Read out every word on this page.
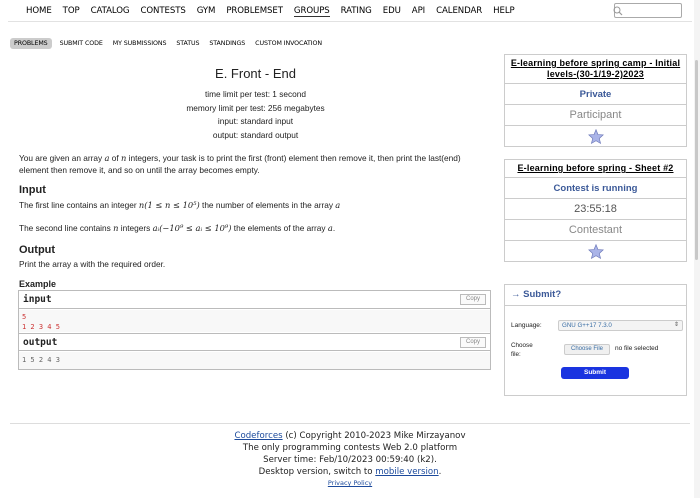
HOME TOP CATALOG CONTESTS GYM PROBLEMSET GROUPS RATING EDU API CALENDAR HELP
PROBLEMS	SUBMIT CODE MY SUBMISSIONS STATUS STANDINGS CUSTOM INVOCATION
E. Front - End
time limit per test: 1 second
memory limit per test: 256 megabytes
input: standard input
output: standard output
You are given an array a of n integers, your task is to print the first (front) element then remove it, then print the last(end) element then remove it, and so on until the array becomes empty.
Input
The first line contains an integer n(1 ≤ n ≤ 10⁵) the number of elements in the array a
The second line contains n integers aᵢ(−10⁹ ≤ aᵢ ≤ 10⁹) the elements of the array a.
Output
Print the array a with the required order.
Example
input	Copy
5
1 2 3 4 5
output	Copy
1 5 2 4 3
E-learning before spring camp - Initial levels-(30-1/19-2)2023
Private
Participant
E-learning before spring - Sheet #2
Contest is running
23:55:18
Contestant
→ Submit?
Language:	GNU G++17 7.3.0	⇕
Choose
file:
Choose File	no file selected
Submit
Codeforces (c) Copyright 2010-2023 Mike Mirzayanov
The only programming contests Web 2.0 platform
Server time: Feb/10/2023 00:59:40 (k2).
Desktop version, switch to mobile version.
Privacy Policy
